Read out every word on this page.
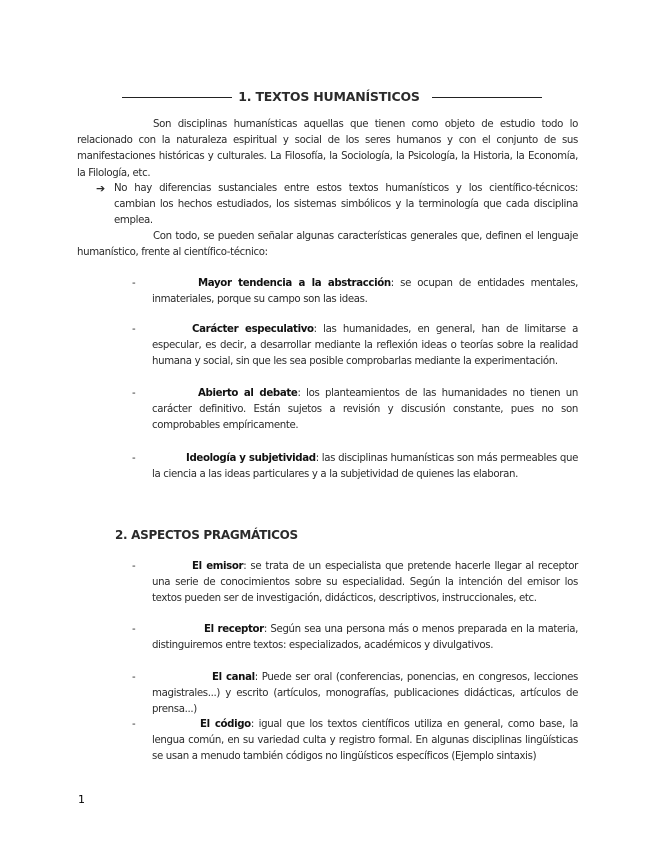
1. TEXTOS HUMANÍSTICOS

Son disciplinas humanísticas aquellas que tienen como objeto de estudio todo lo relacionado con la naturaleza espiritual y social de los seres humanos y con el conjunto de sus manifestaciones históricas y culturales. La Filosofía, la Sociología, la Psicología, la Historia, la Economía, la Filología, etc.

➔ No hay diferencias sustanciales entre estos textos humanísticos y los científico-técnicos: cambian los hechos estudiados, los sistemas simbólicos y la terminología que cada disciplina emplea.

Con todo, se pueden señalar algunas características generales que, definen el lenguaje humanístico, frente al científico-técnico:

-	Mayor tendencia a la abstracción: se ocupan de entidades mentales, inmateriales, porque su campo son las ideas.
-	Carácter especulativo: las humanidades, en general, han de limitarse a especular, es decir, a desarrollar mediante la reflexión ideas o teorías sobre la realidad humana y social, sin que les sea posible comprobarlas mediante la experimentación.
-	Abierto al debate: los planteamientos de las humanidades no tienen un carácter definitivo. Están sujetos a revisión y discusión constante, pues no son comprobables empíricamente.
-	Ideología y subjetividad: las disciplinas humanísticas son más permeables que la ciencia a las ideas particulares y a la subjetividad de quienes las elaboran.
2. ASPECTOS PRAGMÁTICOS
-	El emisor: se trata de un especialista que pretende hacerle llegar al receptor una serie de conocimientos sobre su especialidad. Según la intención del emisor los textos pueden ser de investigación, didácticos, descriptivos, instruccionales, etc.
-	El receptor: Según sea una persona más o menos preparada en la materia, distinguiremos entre textos: especializados, académicos y divulgativos.
-	El canal: Puede ser oral (conferencias, ponencias, en congresos, lecciones magistrales...) y escrito (artículos, monografías, publicaciones didácticas, artículos de prensa...)
-	El código: igual que los textos científicos utiliza en general, como base, la lengua común, en su variedad culta y registro formal. En algunas disciplinas lingüísticas se usan a menudo también códigos no lingüísticos específicos (Ejemplo sintaxis)
1
